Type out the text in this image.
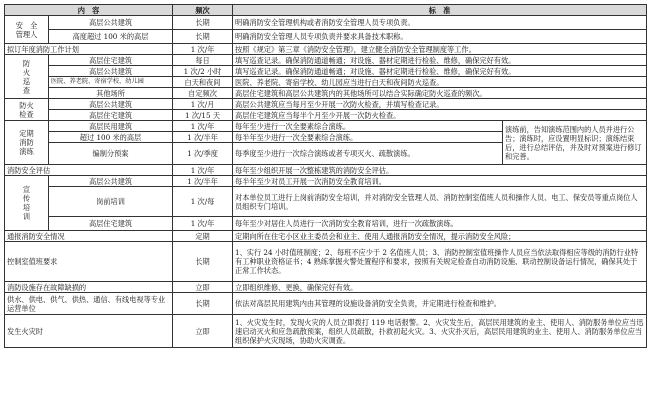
内　容		频次	标　准	
安　全
管理人	高层公共建筑	长期	明确消防安全管理机构或者消防安全管理人员专项负责。	
	高度超过 100 米的高层	长期	明确消防安全管理人员专项负责并要求具备技术职称。	
拟订年度消防工作计划		1 次/年	按照《规定》第三章《消防安全管理》，建立健全消防安全管理制度等工作。	
防
火
巡
查	高层住宅建筑	每日	填写巡查记录。确保消防通道畅通；对设施、器材定期进行检验、维修，确保完好有效。	
	高层公共建筑	1 次/2 小时	填写巡查记录。确保消防通道畅通；对设施、器材定期进行检验、维修，确保完好有效。	
	医院、养老院、寄宿学校、幼儿园	白天和夜间	医院、养老院、寄宿学校、幼儿园应当进行白天和夜间防火巡查。	
	其他场所	自定频次	高层住宅建筑和高层公共建筑内的其他场所可以结合实际确定防火巡查的频次。	
防火
检查	高层公共建筑	1 次/月	高层公共建筑应当每月至少开展一次防火检查，并填写检查记录。	
	高层住宅建筑	1 次/15 天	高层住宅建筑应当每半个月至少开展一次防火检查。	
定期
消防
演练	高层民用建筑	1 次/年	每年至少进行一次全要素综合演练。	演练前，告知演练范围内的人员并进行公告；演练时，应设置明显标识；演练结束后，进行总结评估，并及时对预案进行修订和完善。
	超过 100 米的高层	1 次/半年	每半年至少进行一次全要素综合演练。	
	编制分预案	1 次/季度	每季度至少进行一次综合演练或者专项灭火、疏散演练。	
消防安全评估		1 次/年	每年至少组织开展一次整栋建筑的消防安全评估。	
宣
传
培
训	高层公共建筑	1 次/半年	每半年至少对员工开展一次消防安全教育培训。	
	岗前培训	1 次/每	对本单位员工进行上岗前消防安全培训，并对消防安全管理人员、消防控制室值班人员和操作人员、电工、保安员等重点岗位人员组织专门培训。	
	高层住宅建筑	1 次/年	每年至少对居住人员进行一次消防安全教育培训，进行一次疏散演练。	
通报消防安全情况		定期	定期向所在住宅小区业主委员会和业主、使用人通报消防安全情况，提示消防安全风险；	
控制室值班要求		长期	1、实行 24 小时值班制度；2、每班不应少于 2 名值班人员；3、消防控制室值班操作人员应当依法取得相应等级的消防行业特有工种职业资格证书；4 熟练掌握火警处置程序和要求，按照有关规定检查自动消防设施、联动控制设备运行情况，确保其处于正常工作状态。	
消防设施存在故障缺损的		立即	立即组织维修、更换，确保完好有效。	
供水、供电、供气、供热、通信、有线电视等专业运营单位		长期	依法对高层民用建筑内由其管理的设施设备消防安全负责，并定期进行检查和维护。	
发生火灾时		立即	1、火灾发生时，发现火灾的人员立即拨打 119 电话报警。2、火灾发生后，高层民用建筑的业主、使用人、消防服务单位应当迅速启动灭火和应急疏散预案，组织人员疏散，扑救初起火灾。3、火灾扑灭后，高层民用建筑的业主、使用人、消防服务单位应当组织保护火灾现场，协助火灾调查。	
